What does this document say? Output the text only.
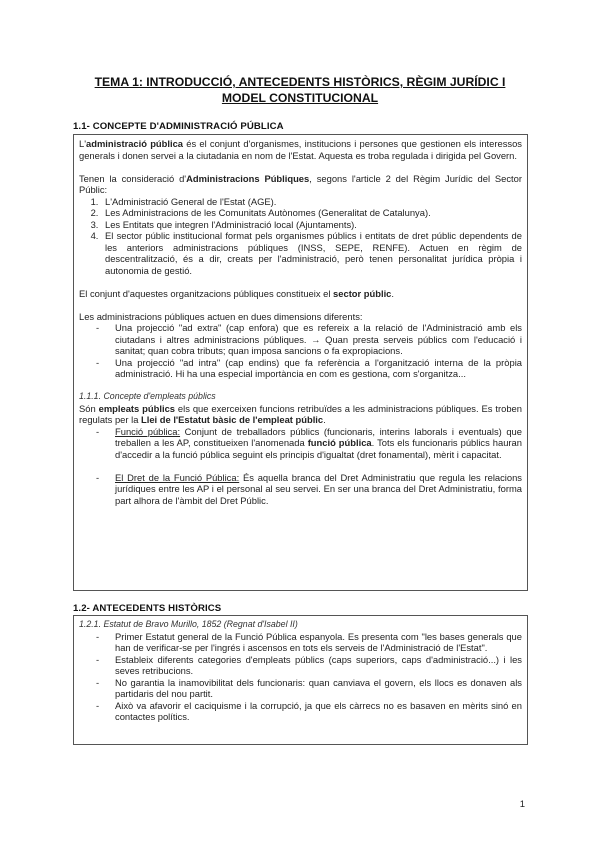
TEMA 1: INTRODUCCIÓ, ANTECEDENTS HISTÒRICS, RÈGIM JURÍDIC I
MODEL CONSTITUCIONAL
1.1- CONCEPTE D'ADMINISTRACIÓ PÚBLICA

L'administració pública és el conjunt d'organismes, institucions i persones que gestionen els interessos generals i donen servei a la ciutadania en nom de l'Estat. Aquesta es troba regulada i dirigida pel Govern.

Tenen la consideració d'Administracions Públiques, segons l'article 2 del Règim Jurídic del Sector Públic:

1. L'Administració General de l'Estat (AGE).
2. Les Administracions de les Comunitats Autònomes (Generalitat de Catalunya).
3. Les Entitats que integren l'Administració local (Ajuntaments).
4. El sector públic institucional format pels organismes públics i entitats de dret públic dependents de les anteriors administracions públiques (INSS, SEPE, RENFE). Actuen en règim de descentralització, és a dir, creats per l'administració, però tenen personalitat jurídica pròpia i autonomia de gestió.

El conjunt d'aquestes organitzacions públiques constitueix el sector públic.

Les administracions públiques actuen en dues dimensions diferents:

- Una projecció "ad extra" (cap enfora) que es refereix a la relació de l'Administració amb els ciutadans i altres administracions públiques. → Quan presta serveis públics com l'educació i sanitat; quan cobra tributs; quan imposa sancions o fa expropiacions.
- Una projecció "ad intra" (cap endins) que fa referència a l'organització interna de la pròpia administració. Hi ha una especial importància en com es gestiona, com s'organitza...

1.1.1. Concepte d'empleats públics

Són empleats públics els que exerceixen funcions retribuïdes a les administracions públiques. Es troben regulats per la Llei de l'Estatut bàsic de l'empleat públic.

- Funció pública: Conjunt de treballadors públics (funcionaris, interins laborals i eventuals) que treballen a les AP, constitueixen l'anomenada funció pública. Tots els funcionaris públics hauran d'accedir a la funció pública seguint els principis d'igualtat (dret fonamental), mèrit i capacitat.
- El Dret de la Funció Pública: És aquella branca del Dret Administratiu que regula les relacions jurídiques entre les AP i el personal al seu servei. En ser una branca del Dret Administratiu, forma part alhora de l'àmbit del Dret Públic.
1.2- ANTECEDENTS HISTÒRICS

1.2.1. Estatut de Bravo Murillo, 1852 (Regnat d'Isabel II)

- Primer Estatut general de la Funció Pública espanyola. Es presenta com "les bases generals que han de verificar-se per l'ingrés i ascensos en tots els serveis de l'Administració de l'Estat".
- Estableix diferents categories d'empleats públics (caps superiors, caps d'administració...) i les seves retribucions.
- No garantia la inamovibilitat dels funcionaris: quan canviava el govern, els llocs es donaven als partidaris del nou partit.
- Això va afavorir el caciquisme i la corrupció, ja que els càrrecs no es basaven en mèrits sinó en contactes polítics.
1
